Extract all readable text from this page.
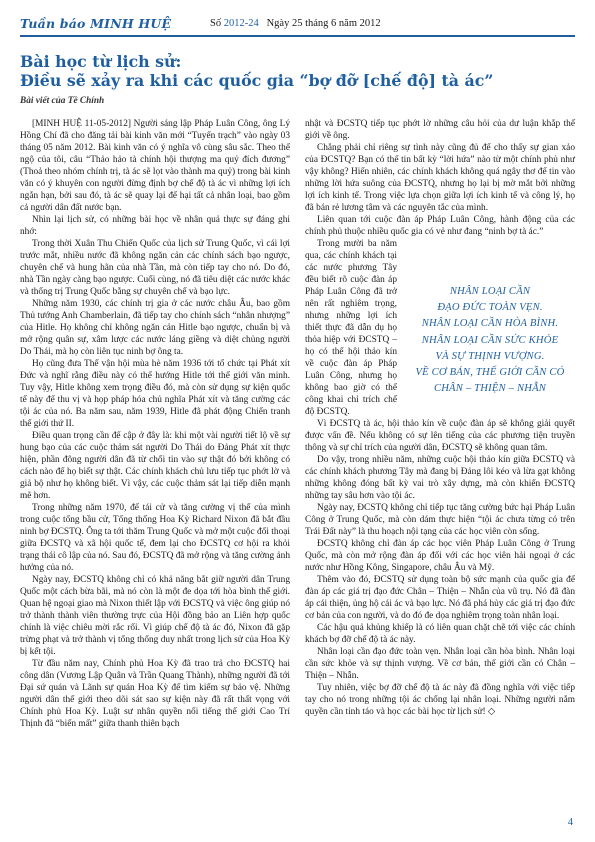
Tuần báo MINH HUỆ	Số 2012-24 Ngày 25 tháng 6 năm 2012
Bài học từ lịch sử:
Điều sẽ xảy ra khi các quốc gia “bợ đỡ [chế độ] tà ác”
Bài viết của Tề Chính

[MINH HUỆ 11-05-2012] Người sáng lập Pháp Luân Công, ông Lý Hồng Chí đã cho đăng tải bài kinh văn mới “Tuyển trạch” vào ngày 03 tháng 05 năm 2012. Bài kinh văn có ý nghĩa vô cùng sâu sắc. Theo thể ngộ của tôi, câu “Thảo hảo tà chính hội thượng ma quỷ đích đương” (Thoả theo nhóm chính trị, tà ác sẽ lọt vào thành ma quỷ) trong bài kinh văn có ý khuyên con người đừng định bợ chế độ tà ác vì những lợi ích ngắn hạn, bởi sau đó, tà ác sẽ quay lại để hại tất cả nhân loại, bao gồm cả người dân đất nước bạn.

Nhìn lại lịch sử, có những bài học về nhân quả thực sự đáng ghi nhớ:

Trong thời Xuân Thu Chiến Quốc của lịch sử Trung Quốc, vì cái lợi trước mắt, nhiều nước đã không ngăn cản các chính sách bạo ngược, chuyên chế và hung hãn của nhà Tần, mà còn tiếp tay cho nó. Do đó, nhà Tần ngày càng bạo ngược. Cuối cùng, nó đã tiêu diệt các nước khác và thống trị Trung Quốc bằng sự chuyên chế và bạo lực.

Những năm 1930, các chính trị gia ở các nước châu Âu, bao gồm Thủ tướng Anh Chamberlain, đã tiếp tay cho chính sách “nhân nhượng” của Hitle. Họ không chỉ không ngăn cản Hitle bạo ngược, chuẩn bị và mở rộng quân sự, xâm lược các nước láng giềng và diệt chủng người Do Thái, mà họ còn liên tục ninh bợ ông ta.

Họ cũng đưa Thế vận hội mùa hè năm 1936 tới tổ chức tại Phát xít Đức và nghĩ rằng điều này có thể hướng Hitle tới thế giới văn minh. Tuy vậy, Hitle không xem trọng điều đó, mà còn sử dụng sự kiện quốc tế này để thu vị và họp pháp hóa chủ nghĩa Phát xít và tăng cường các tội ác của nó. Ba năm sau, năm 1939, Hitle đã phát động Chiến tranh thế giới thứ II.

Điều quan trọng cần để cập ở đây là: khi một vài người tiết lộ về sự hung bạo của các cuộc thảm sát người Do Thái do Đảng Phát xít thực hiện, phần đông người dân đã từ chối tin vào sự thật đó bởi không có cách nào để họ biết sự thật. Các chính khách chủ lưu tiếp tục phớt lờ và giả bộ như họ không biết. Vì vậy, các cuộc thảm sát lại tiếp diễn mạnh mẽ hơn.

Trong những năm 1970, để tái cử và tăng cường vị thế của mình trong cuộc tổng bầu cử, Tổng thống Hoa Kỳ Richard Nixon đã bắt đầu ninh bợ ĐCSTQ. Ông ta tới thăm Trung Quốc và mở một cuộc đối thoại giữa ĐCSTQ và xã hội quốc tế, đem lại cho ĐCSTQ cơ hội ra khỏi trạng thái cô lập của nó. Sau đó, ĐCSTQ đã mở rộng và tăng cường ảnh hưởng của nó.

Ngày nay, ĐCSTQ không chỉ có khả năng bắt giữ người dân Trung Quốc một cách bừa bãi, mà nó còn là một đe dọa tới hòa bình thế giới. Quan hệ ngoại giao mà Nixon thiết lập với ĐCSTQ và việc ông giúp nó trở thành thành viên thường trực của Hội đồng bảo an Liên hợp quốc chính là việc chiêu mời rắc rối. Vì giúp chế độ tà ác đó, Nixon đã gặp trừng phạt và trở thành vị tổng thống duy nhất trong lịch sử của Hoa Kỳ bị kết tội.

Từ đầu năm nay, Chính phủ Hoa Kỳ đã trao trả cho ĐCSTQ hai công dân (Vương Lập Quân và Trần Quang Thành), những người đã tới Đại sứ quán và Lãnh sự quán Hoa Kỳ để tìm kiếm sự bảo vệ. Những người dân thế giới theo dõi sát sao sự kiện này đã rất thất vọng với Chính phủ Hoa Kỳ. Luật sư nhân quyền nổi tiếng thế giới Cao Trí Thịnh đã “biến mất” giữa thanh thiên bạch

nhật và ĐCSTQ tiếp tục phớt lờ những câu hỏi của dư luận khắp thế giới về ông.

Chẳng phải chỉ riêng sự tình này cũng đủ để cho thấy sự gian xảo của ĐCSTQ? Bạn có thể tin bất kỳ “lời hứa” nào từ một chính phủ như vậy không? Hiển nhiên, các chính khách không quá ngây thơ để tin vào những lời hứa suông của ĐCSTQ, nhưng họ lại bị mờ mắt bởi những lợi ích kinh tế. Trong việc lựa chọn giữa lợi ích kinh tế và công lý, họ đã bán rẻ lương tâm và các nguyên tắc của mình.

Liên quan tới cuộc đàn áp Pháp Luân Công, hành động của các chính phủ thuộc nhiều quốc gia có vẻ như đang “ninh bợ tà ác.”

NHÂN LOẠI CẦN
ĐẠO ĐỨC TOÀN VẸN.
NHÂN LOẠI CẦN HÒA BÌNH.
NHÂN LOẠI CẦN SỨC KHỎE
VÀ SỰ THỊNH VƯỢNG.
VỀ CƠ BẢN, THẾ GIỚI CẦN CÓ
CHÂN – THIỆN – NHẪN

Trong mười ba năm qua, các chính khách tại các nước phương Tây đều biết rõ cuộc đàn áp Pháp Luân Công đã trở nên rất nghiêm trọng, nhưng những lợi ích thiết thực đã dẫn dụ họ thỏa hiệp với ĐCSTQ – họ có thể hội thảo kín về cuộc đàn áp Pháp Luân Công, nhưng họ không bao giờ có thể công khai chỉ trích chế độ ĐCSTQ.

Vì ĐCSTQ tà ác, hội thảo kín về cuộc đàn áp sẽ không giải quyết được vấn đề. Nếu không có sự lên tiếng của các phương tiện truyền thông và sự chỉ trích của người dân, ĐCSTQ sẽ không quan tâm.

Do vậy, trong nhiều năm, những cuộc hội thảo kín giữa ĐCSTQ và các chính khách phương Tây mà đang bị Đảng lôi kéo và lừa gạt không những không đóng bất kỳ vai trò xây dựng, mà còn khiến ĐCSTQ những tay sâu hơn vào tội ác.

Ngày nay, ĐCSTQ không chỉ tiếp tục tăng cường bức hại Pháp Luân Công ở Trung Quốc, mà còn dám thực hiện “tội ác chưa từng có trên Trái Đất này” là thu hoạch nội tạng của các học viên còn sống.

ĐCSTQ không chỉ đàn áp các học viên Pháp Luân Công ở Trung Quốc, mà còn mở rộng đàn áp đối với các học viên hải ngoại ở các nước như Hồng Kông, Singapore, châu Âu và Mỹ.

Thêm vào đó, ĐCSTQ sử dụng toàn bộ sức mạnh của quốc gia để đàn áp các giá trị đạo đức Chân – Thiện – Nhẫn của vũ trụ. Nó đã đàn áp cái thiện, ủng hộ cái ác và bạo lực. Nó đã phá hủy các giá trị đạo đức cơ bản của con người, và do đó đe dọa nghiêm trọng toàn nhân loại.

Các hậu quả khủng khiếp là có liên quan chặt chẽ tới việc các chính khách bợ đỡ chế độ tà ác này.

Nhân loại cần đạo đức toàn vẹn. Nhân loại cần hòa bình. Nhân loại cần sức khỏe và sự thịnh vượng. Về cơ bản, thế giới cần có Chân – Thiện – Nhẫn.

Tuy nhiên, việc bợ đỡ chế độ tà ác này đã đồng nghĩa với việc tiếp tay cho nó trong những tội ác chống lại nhân loại. Những người nắm quyền cần tỉnh táo và học các bài học từ lịch sử! ◇

4
